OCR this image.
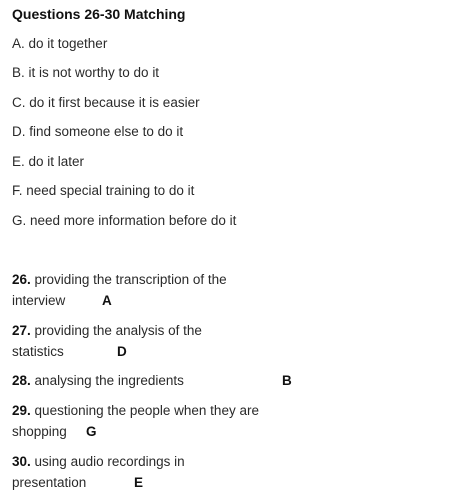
Questions 26-30 Matching
A. do it together
B. it is not worthy to do it
C. do it first because it is easier
D. find someone else to do it
E. do it later
F. need special training to do it
G. need more information before do it
26. providing the transcription of the
interview	A
27. providing the analysis of the
statistics	D
28. analysing the ingredients	B
29. questioning the people when they are
shopping G
30. using audio recordings in
presentation	E
